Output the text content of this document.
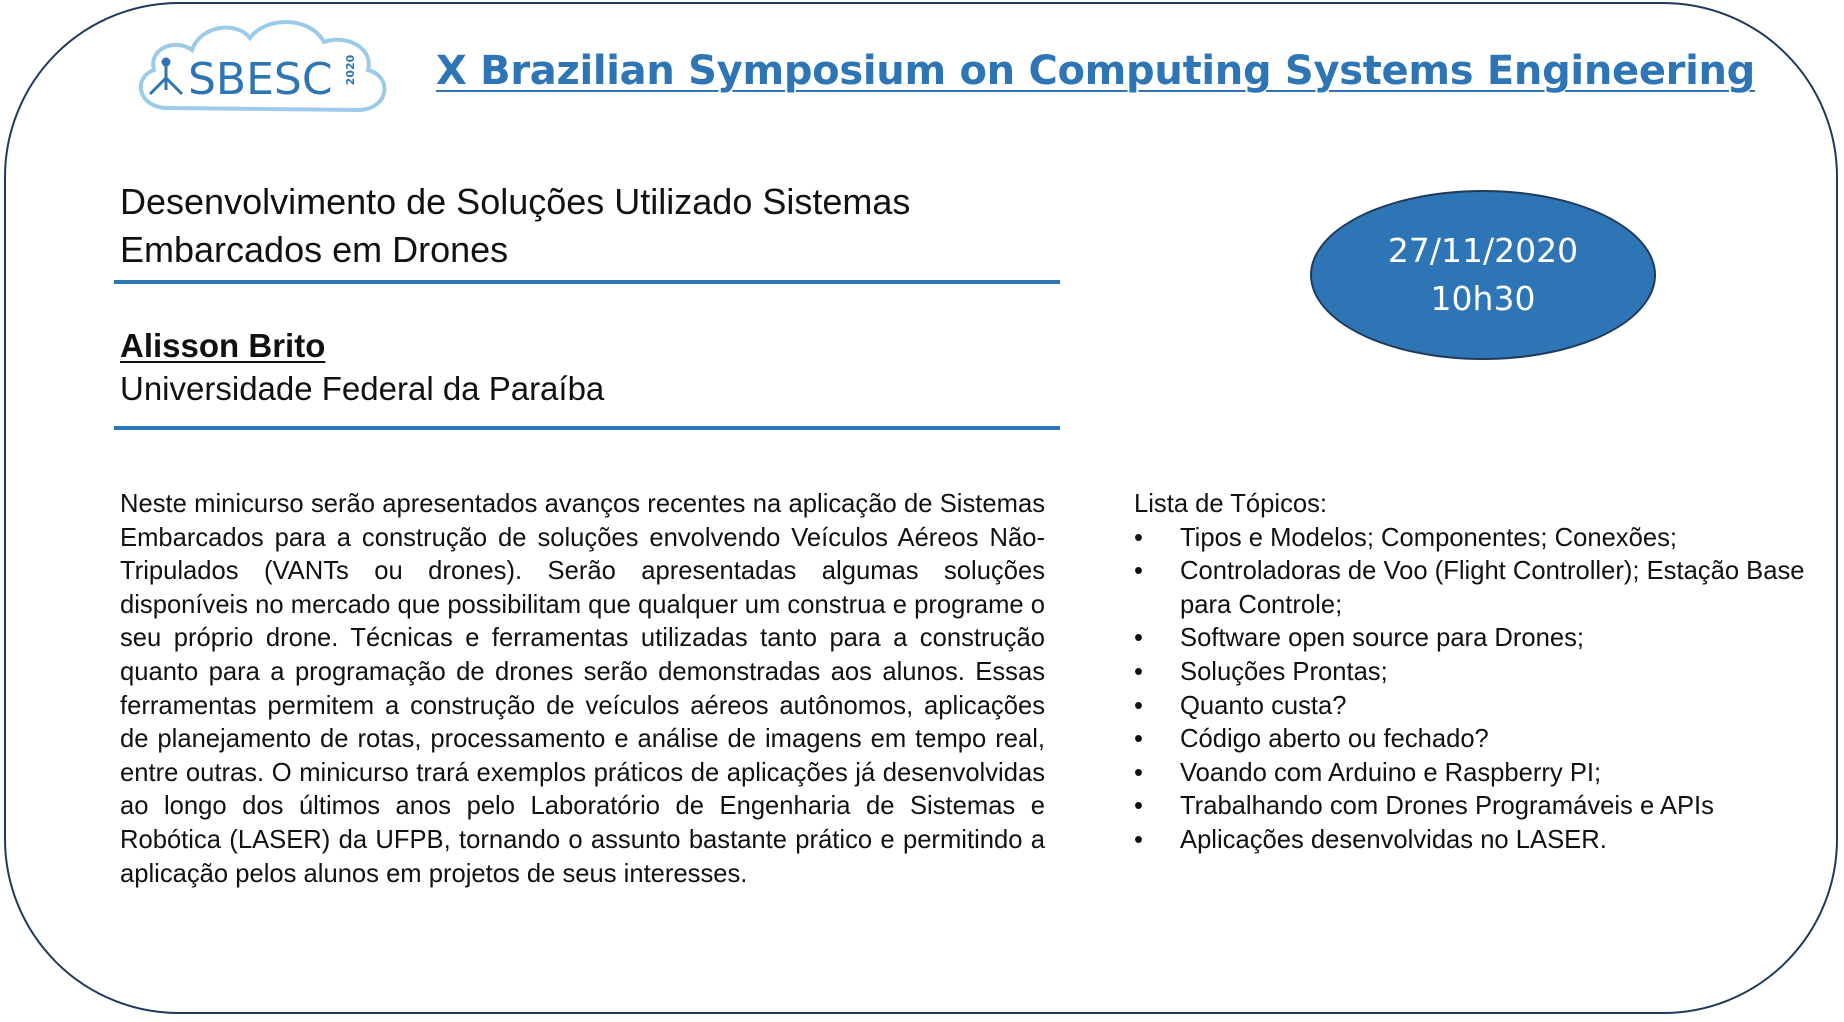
SBESC 2020 X Brazilian Symposium on Computing Systems Engineering
Desenvolvimento de Soluções Utilizado Sistemas Embarcados em Drones

Alisson Brito

Universidade Federal da Paraíba

27/11/2020
10h30

Neste minicurso serão apresentados avanços recentes na aplicação de Sistemas Embarcados para a construção de soluções envolvendo Veículos Aéreos Não-Tripulados (VANTs ou drones). Serão apresentadas algumas soluções disponíveis no mercado que possibilitam que qualquer um construa e programe o seu próprio drone. Técnicas e ferramentas utilizadas tanto para a construção quanto para a programação de drones serão demonstradas aos alunos. Essas ferramentas permitem a construção de veículos aéreos autônomos, aplicações de planejamento de rotas, processamento e análise de imagens em tempo real, entre outras. O minicurso trará exemplos práticos de aplicações já desenvolvidas ao longo dos últimos anos pelo Laboratório de Engenharia de Sistemas e Robótica (LASER) da UFPB, tornando o assunto bastante prático e permitindo a aplicação pelos alunos em projetos de seus interesses.

Lista de Tópicos:

• Tipos e Modelos; Componentes; Conexões;
• Controladoras de Voo (Flight Controller); Estação Base para Controle;
• Software open source para Drones;
• Soluções Prontas;
• Quanto custa?
• Código aberto ou fechado?
• Voando com Arduino e Raspberry PI;
• Trabalhando com Drones Programáveis e APIs
• Aplicações desenvolvidas no LASER.
